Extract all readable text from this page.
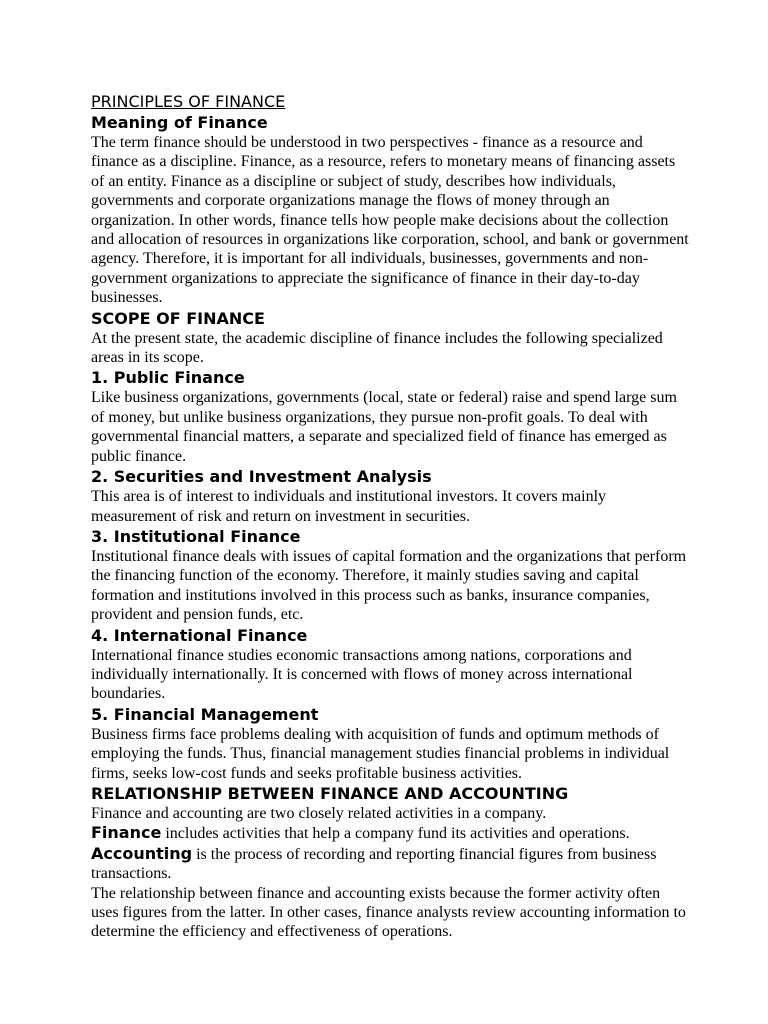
PRINCIPLES OF FINANCE

Meaning of Finance

The term finance should be understood in two perspectives - finance as a resource and finance as a discipline. Finance, as a resource, refers to monetary means of financing assets of an entity. Finance as a discipline or subject of study, describes how individuals, governments and corporate organizations manage the flows of money through an organization. In other words, finance tells how people make decisions about the collection and allocation of resources in organizations like corporation, school, and bank or government agency. Therefore, it is important for all individuals, businesses, governments and non-government organizations to appreciate the significance of finance in their day-to-day businesses.

SCOPE OF FINANCE

At the present state, the academic discipline of finance includes the following specialized areas in its scope.

1. Public Finance

Like business organizations, governments (local, state or federal) raise and spend large sum of money, but unlike business organizations, they pursue non-profit goals. To deal with governmental financial matters, a separate and specialized field of finance has emerged as public finance.

2. Securities and Investment Analysis

This area is of interest to individuals and institutional investors. It covers mainly measurement of risk and return on investment in securities.

3. Institutional Finance

Institutional finance deals with issues of capital formation and the organizations that perform the financing function of the economy. Therefore, it mainly studies saving and capital formation and institutions involved in this process such as banks, insurance companies, provident and pension funds, etc.

4. International Finance

International finance studies economic transactions among nations, corporations and individually internationally. It is concerned with flows of money across international boundaries.

5. Financial Management

Business firms face problems dealing with acquisition of funds and optimum methods of employing the funds. Thus, financial management studies financial problems in individual firms, seeks low-cost funds and seeks profitable business activities.

RELATIONSHIP BETWEEN FINANCE AND ACCOUNTING

Finance and accounting are two closely related activities in a company.

Finance includes activities that help a company fund its activities and operations.

Accounting is the process of recording and reporting financial figures from business transactions.

The relationship between finance and accounting exists because the former activity often uses figures from the latter. In other cases, finance analysts review accounting information to determine the efficiency and effectiveness of operations.
